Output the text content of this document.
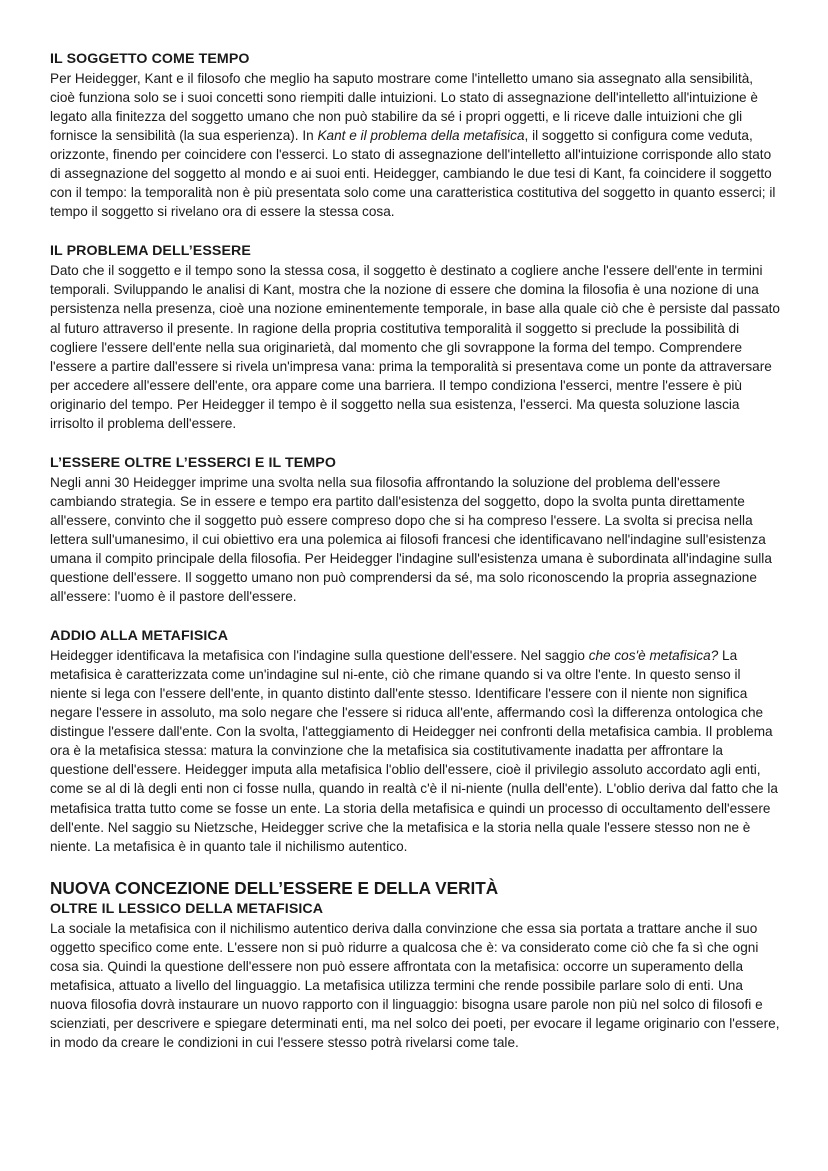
IL SOGGETTO COME TEMPO

Per Heidegger, Kant e il filosofo che meglio ha saputo mostrare come l'intelletto umano sia assegnato alla sensibilità, cioè funziona solo se i suoi concetti sono riempiti dalle intuizioni. Lo stato di assegnazione dell'intelletto all'intuizione è legato alla finitezza del soggetto umano che non può stabilire da sé i propri oggetti, e li riceve dalle intuizioni che gli fornisce la sensibilità (la sua esperienza). In Kant e il problema della metafisica, il soggetto si configura come veduta, orizzonte, finendo per coincidere con l'esserci. Lo stato di assegnazione dell'intelletto all'intuizione corrisponde allo stato di assegnazione del soggetto al mondo e ai suoi enti. Heidegger, cambiando le due tesi di Kant, fa coincidere il soggetto con il tempo: la temporalità non è più presentata solo come una caratteristica costitutiva del soggetto in quanto esserci; il tempo il soggetto si rivelano ora di essere la stessa cosa.

IL PROBLEMA DELL’ESSERE

Dato che il soggetto e il tempo sono la stessa cosa, il soggetto è destinato a cogliere anche l'essere dell'ente in termini temporali. Sviluppando le analisi di Kant, mostra che la nozione di essere che domina la filosofia è una nozione di una persistenza nella presenza, cioè una nozione eminentemente temporale, in base alla quale ciò che è persiste dal passato al futuro attraverso il presente. In ragione della propria costitutiva temporalità il soggetto si preclude la possibilità di cogliere l'essere dell'ente nella sua originarietà, dal momento che gli sovrappone la forma del tempo. Comprendere l'essere a partire dall'essere si rivela un'impresa vana: prima la temporalità si presentava come un ponte da attraversare per accedere all'essere dell'ente, ora appare come una barriera. Il tempo condiziona l'esserci, mentre l'essere è più originario del tempo. Per Heidegger il tempo è il soggetto nella sua esistenza, l'esserci. Ma questa soluzione lascia irrisolto il problema dell'essere.

L’ESSERE OLTRE L’ESSERCI E IL TEMPO

Negli anni 30 Heidegger imprime una svolta nella sua filosofia affrontando la soluzione del problema dell'essere cambiando strategia. Se in essere e tempo era partito dall'esistenza del soggetto, dopo la svolta punta direttamente all'essere, convinto che il soggetto può essere compreso dopo che si ha compreso l'essere. La svolta si precisa nella lettera sull'umanesimo, il cui obiettivo era una polemica ai filosofi francesi che identificavano nell'indagine sull'esistenza umana il compito principale della filosofia. Per Heidegger l'indagine sull'esistenza umana è subordinata all'indagine sulla questione dell'essere. Il soggetto umano non può comprendersi da sé, ma solo riconoscendo la propria assegnazione all'essere: l'uomo è il pastore dell'essere.

ADDIO ALLA METAFISICA

Heidegger identificava la metafisica con l'indagine sulla questione dell'essere. Nel saggio che cos'è metafisica? La metafisica è caratterizzata come un'indagine sul ni-ente, ciò che rimane quando si va oltre l'ente. In questo senso il niente si lega con l'essere dell'ente, in quanto distinto dall'ente stesso. Identificare l'essere con il niente non significa negare l'essere in assoluto, ma solo negare che l'essere si riduca all'ente, affermando così la differenza ontologica che distingue l'essere dall'ente. Con la svolta, l'atteggiamento di Heidegger nei confronti della metafisica cambia. Il problema ora è la metafisica stessa: matura la convinzione che la metafisica sia costitutivamente inadatta per affrontare la questione dell'essere. Heidegger imputa alla metafisica l'oblio dell'essere, cioè il privilegio assoluto accordato agli enti, come se al di là degli enti non ci fosse nulla, quando in realtà c'è il ni-niente (nulla dell'ente). L'oblio deriva dal fatto che la metafisica tratta tutto come se fosse un ente. La storia della metafisica e quindi un processo di occultamento dell'essere dell'ente. Nel saggio su Nietzsche, Heidegger scrive che la metafisica e la storia nella quale l'essere stesso non ne è niente. La metafisica è in quanto tale il nichilismo autentico.

NUOVA CONCEZIONE DELL’ESSERE E DELLA VERITÀ
OLTRE IL LESSICO DELLA METAFISICA

La sociale la metafisica con il nichilismo autentico deriva dalla convinzione che essa sia portata a trattare anche il suo oggetto specifico come ente. L'essere non si può ridurre a qualcosa che è: va considerato come ciò che fa sì che ogni cosa sia. Quindi la questione dell'essere non può essere affrontata con la metafisica: occorre un superamento della metafisica, attuato a livello del linguaggio. La metafisica utilizza termini che rende possibile parlare solo di enti. Una nuova filosofia dovrà instaurare un nuovo rapporto con il linguaggio: bisogna usare parole non più nel solco di filosofi e scienziati, per descrivere e spiegare determinati enti, ma nel solco dei poeti, per evocare il legame originario con l'essere, in modo da creare le condizioni in cui l'essere stesso potrà rivelarsi come tale.
